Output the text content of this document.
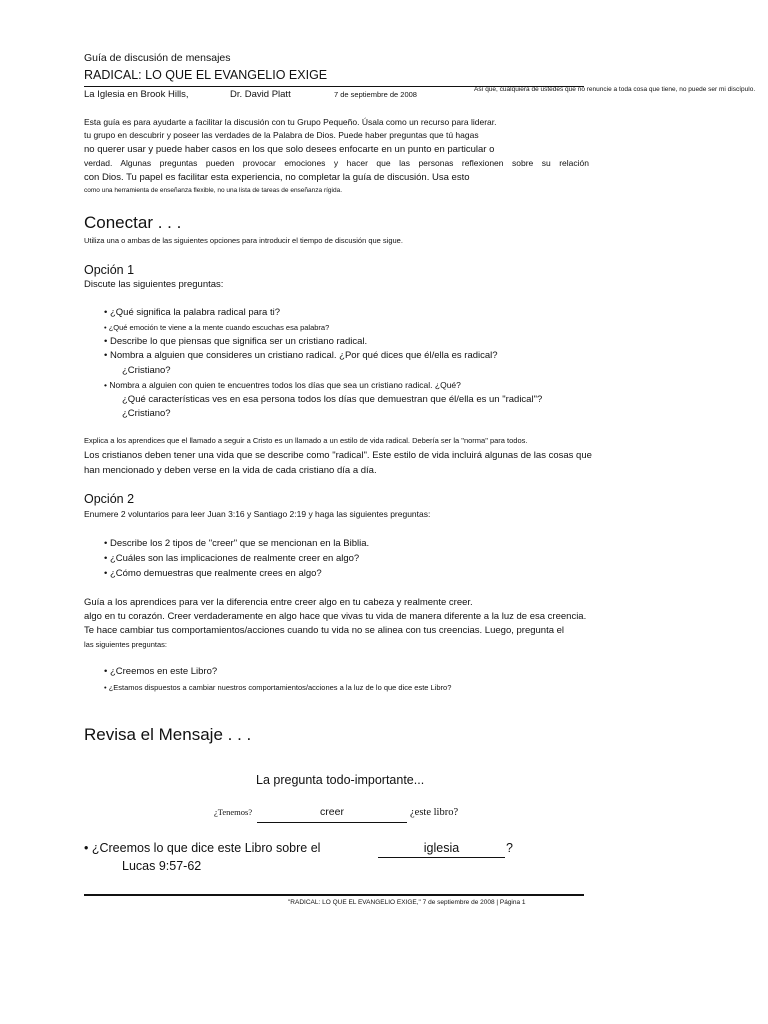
Guía de discusión de mensajes
RADICAL: LO QUE EL EVANGELIO EXIGE
La Iglesia en Brook Hills,	Dr. David Platt	7 de septiembre de 2008
Así que, cualquiera de ustedes que no renuncie a toda cosa que tiene, no puede ser mi discípulo.
Esta guía es para ayudarte a facilitar la discusión con tu Grupo Pequeño. Úsala como un recurso para liderar.
tu grupo en descubrir y poseer las verdades de la Palabra de Dios. Puede haber preguntas que tú hagas
no querer usar y puede haber casos en los que solo desees enfocarte en un punto en particular o
verdad. Algunas preguntas pueden provocar emociones y hacer que las personas reflexionen sobre su relación
con Dios. Tu papel es facilitar esta experiencia, no completar la guía de discusión. Usa esto
como una herramienta de enseñanza flexible, no una lista de tareas de enseñanza rígida.
Conectar . . .
Utiliza una o ambas de las siguientes opciones para introducir el tiempo de discusión que sigue.
Opción 1
Discute las siguientes preguntas:
• ¿Qué significa la palabra radical para ti?
• ¿Qué emoción te viene a la mente cuando escuchas esa palabra?
• Describe lo que piensas que significa ser un cristiano radical.
• Nombra a alguien que consideres un cristiano radical. ¿Por qué dices que él/ella es radical?
¿Cristiano?
• Nombra a alguien con quien te encuentres todos los días que sea un cristiano radical. ¿Qué?
¿Qué características ves en esa persona todos los días que demuestran que él/ella es un "radical"?
¿Cristiano?
Explica a los aprendices que el llamado a seguir a Cristo es un llamado a un estilo de vida radical. Debería ser la "norma" para todos.
Los cristianos deben tener una vida que se describe como "radical". Este estilo de vida incluirá algunas de las cosas que
han mencionado y deben verse en la vida de cada cristiano día a día.
Opción 2
Enumere 2 voluntarios para leer Juan 3:16 y Santiago 2:19 y haga las siguientes preguntas:
• Describe los 2 tipos de "creer" que se mencionan en la Biblia.
• ¿Cuáles son las implicaciones de realmente creer en algo?
• ¿Cómo demuestras que realmente crees en algo?
Guía a los aprendices para ver la diferencia entre creer algo en tu cabeza y realmente creer.
algo en tu corazón. Creer verdaderamente en algo hace que vivas tu vida de manera diferente a la luz de esa creencia.
Te hace cambiar tus comportamientos/acciones cuando tu vida no se alinea con tus creencias. Luego, pregunta el
las siguientes preguntas:
• ¿Creemos en este Libro?
• ¿Estamos dispuestos a cambiar nuestros comportamientos/acciones a la luz de lo que dice este Libro?
Revisa el Mensaje . . .
La pregunta todo-importante...
¿Tenemos?	creer	¿este libro?
• ¿Creemos lo que dice este Libro sobre el
Lucas 9:57-62
iglesia	?
"RADICAL: LO QUE EL EVANGELIO EXIGE," 7 de septiembre de 2008 | Página 1
